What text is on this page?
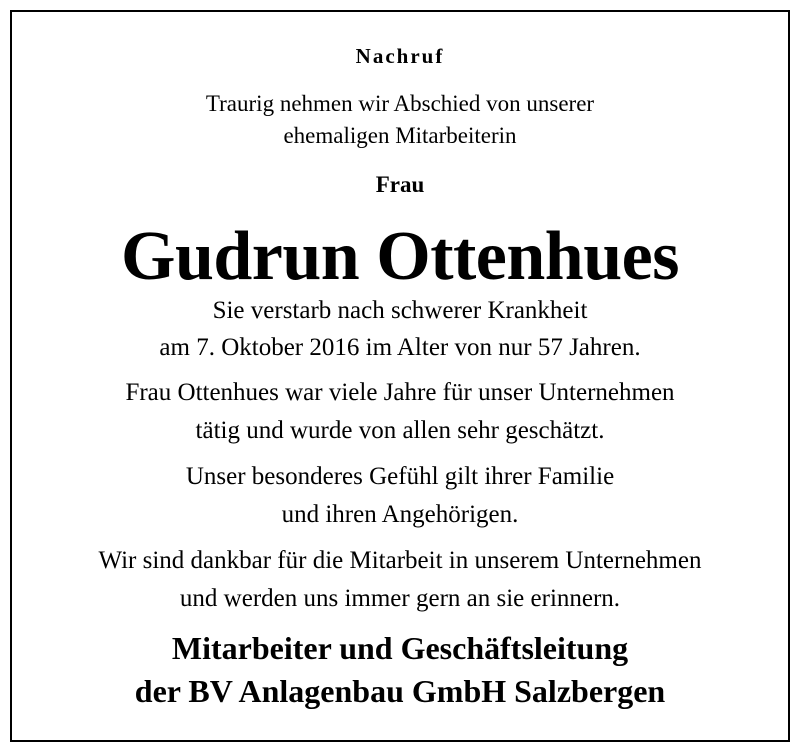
Nachruf
Traurig nehmen wir Abschied von unserer
ehemaligen Mitarbeiterin
Frau
Gudrun Ottenhues
Sie verstarb nach schwerer Krankheit
am 7. Oktober 2016 im Alter von nur 57 Jahren.
Frau Ottenhues war viele Jahre für unser Unternehmen
tätig und wurde von allen sehr geschätzt.
Unser besonderes Gefühl gilt ihrer Familie
und ihren Angehörigen.
Wir sind dankbar für die Mitarbeit in unserem Unternehmen
und werden uns immer gern an sie erinnern.
Mitarbeiter und Geschäftsleitung
der BV Anlagenbau GmbH Salzbergen
